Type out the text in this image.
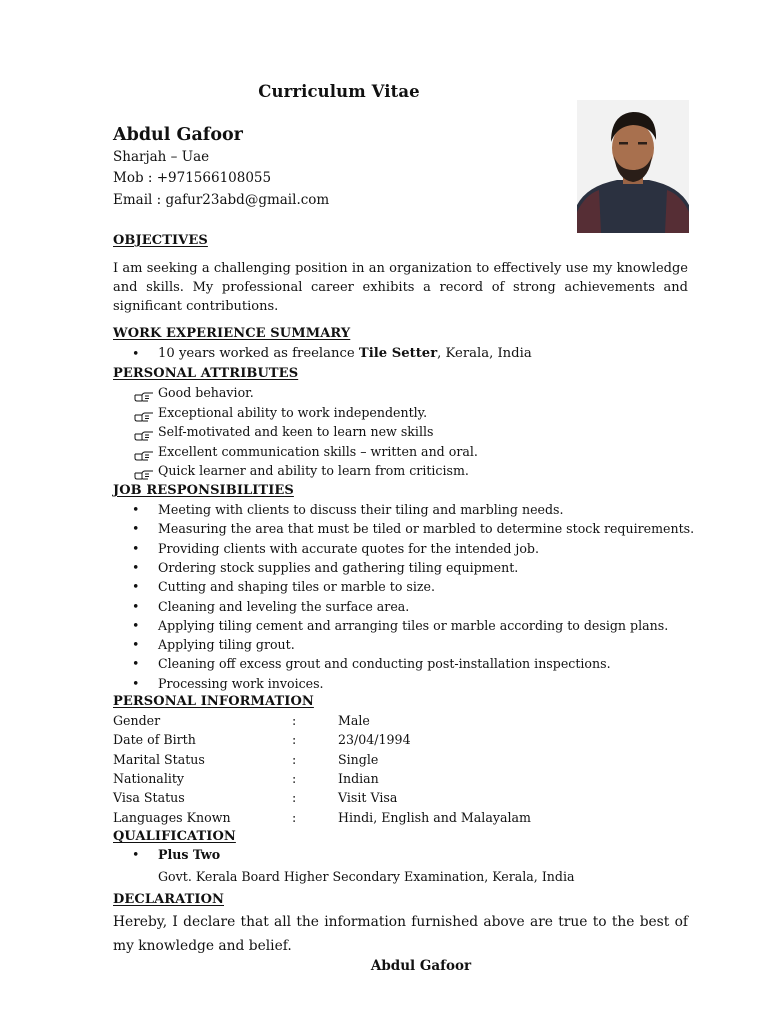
Curriculum Vitae
Abdul Gafoor
Sharjah – Uae
Mob : +971566108055
Email : gafur23abd@gmail.com
OBJECTIVES
I am seeking a challenging position in an organization to effectively use my knowledge and skills. My professional career exhibits a record of strong achievements and significant contributions.
WORK EXPERIENCE SUMMARY
• 10 years worked as freelance Tile Setter, Kerala, India
PERSONAL ATTRIBUTES
Good behavior.
Exceptional ability to work independently.
Self-motivated and keen to learn new skills
Excellent communication skills – written and oral.
Quick learner and ability to learn from criticism.
JOB RESPONSIBILITIES
• Meeting with clients to discuss their tiling and marbling needs.
• Measuring the area that must be tiled or marbled to determine stock requirements.
• Providing clients with accurate quotes for the intended job.
• Ordering stock supplies and gathering tiling equipment.
• Cutting and shaping tiles or marble to size.
• Cleaning and leveling the surface area.
• Applying tiling cement and arranging tiles or marble according to design plans.
• Applying tiling grout.
• Cleaning off excess grout and conducting post-installation inspections.
• Processing work invoices.
PERSONAL INFORMATION
Gender	:	Male
Date of Birth	:	23/04/1994
Marital Status	:	Single
Nationality	:	Indian
Visa Status	:	Visit Visa
Languages Known	:	Hindi, English and Malayalam
QUALIFICATION
• Plus Two
Govt. Kerala Board Higher Secondary Examination, Kerala, India
DECLARATION
Hereby, I declare that all the information furnished above are true to the best of my knowledge and belief.
Abdul Gafoor
